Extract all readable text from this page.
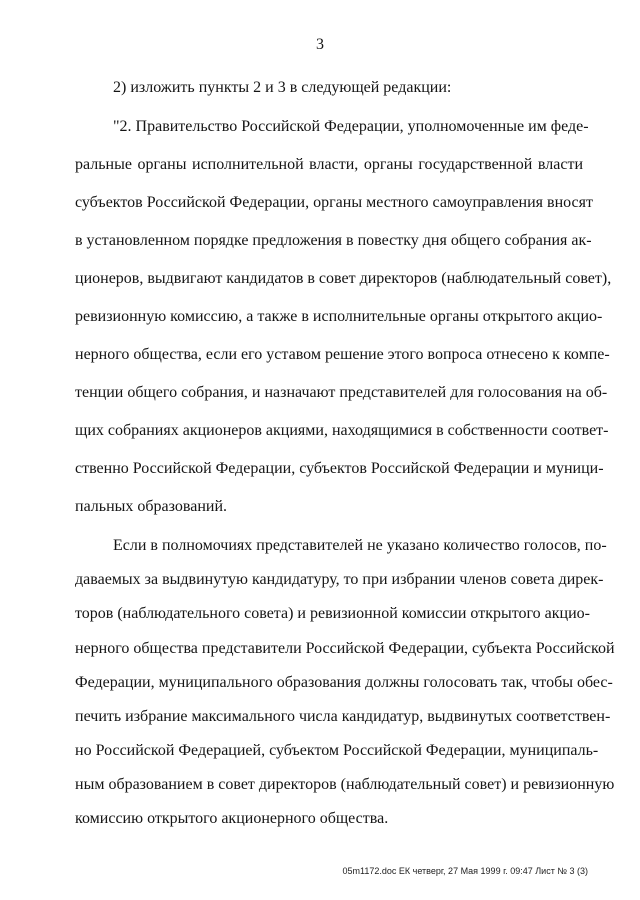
3
2) изложить пункты 2 и 3 в следующей редакции:
"2. Правительство Российской Федерации, уполномоченные им феде-
ральные органы исполнительной власти, органы государственной власти
субъектов Российской Федерации, органы местного самоуправления вносят
в установленном порядке предложения в повестку дня общего собрания ак-
ционеров, выдвигают кандидатов в совет директоров (наблюдательный совет),
ревизионную комиссию, а также в исполнительные органы открытого акцио-
нерного общества, если его уставом решение этого вопроса отнесено к компе-
тенции общего собрания, и назначают представителей для голосования на об-
щих собраниях акционеров акциями, находящимися в собственности соответ-
ственно Российской Федерации, субъектов Российской Федерации и муници-
пальных образований.
Если в полномочиях представителей не указано количество голосов, по-
даваемых за выдвинутую кандидатуру, то при избрании членов совета дирек-
торов (наблюдательного совета) и ревизионной комиссии открытого акцио-
нерного общества представители Российской Федерации, субъекта Российской
Федерации, муниципального образования должны голосовать так, чтобы обес-
печить избрание максимального числа кандидатур, выдвинутых соответствен-
но Российской Федерацией, субъектом Российской Федерации, муниципаль-
ным образованием в совет директоров (наблюдательный совет) и ревизионную
комиссию открытого акционерного общества.
05m1172.doc ЕК четверг, 27 Мая 1999 г. 09:47 Лист № 3 (3)
